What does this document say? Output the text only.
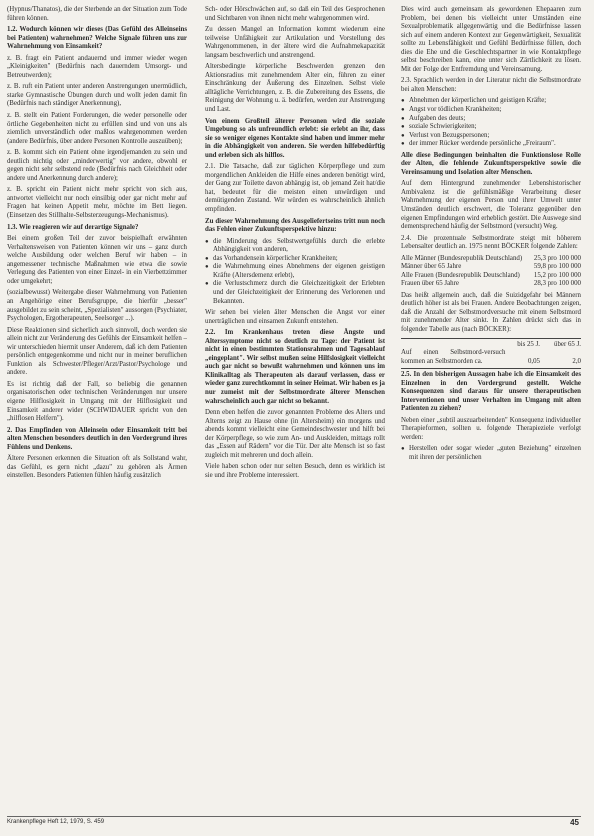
(Hypnus/Thanatos), die der Sterbende an der Situation zum Tode führen können.

1.2. Wodurch können wir dieses (Das Gefühl des Alleinseins bei Patienten) wahrnehmen? Welche Signale führen uns zur Wahrnehmung von Einsamkeit?

z. B. fragt ein Patient andauernd und immer wieder wegen „Kleinigkeiten" (Bedürfnis nach dauerndem Umsorgt- und Betreutwerden);

z. B. ruft ein Patient unter anderen Anstrengungen unermüdlich, starke Gymnastische Übungen durch und wollt jeden damit fin (Bedürfnis nach ständiger Anerkennung),

z. B. stellt ein Patient Forderungen, die weder personelle oder örtliche Gegebenheiten nicht zu erfüllen sind und von uns als ziemlich unverständlich oder maßlos wahrgenommen werden (andere Bedürfnis, über andere Personen Kontrolle auszuüben);

z. B. kommt sich ein Patient ohne irgendjemanden zu sein und deutlich nichtig oder „minderwertig" vor andere, obwohl er gegen nicht sehr selbstend rede (Bedürfnis nach Gleichheit oder andere und Anerkennung durch andere);

z. B. spricht ein Patient nicht mehr spricht von sich aus, antwortet vielleicht nur noch einsilbig oder gar nicht mehr auf Fragen hat keinen Appetit mehr, möchte im Bett liegen. (Einsetzen des Stillhalte-Selbsterzeugungs-Mechanismus).

1.3. Wie reagieren wir auf derartige Signale?

Bei einem großen Teil der zuvor beispielhaft erwähnten Verhaltensweisen von Patienten können wir uns – ganz durch welche Ausbildung oder welchen Beruf wir haben – in angemessener technische Maßnahmen wie etwa die sowie Verlegung des Patienten von einer Einzel- in ein Vierbettzimmer oder umgekehrt;

(sozialbewusst) Weitergabe dieser Wahrnehmung von Patienten an Angehörige einer Berufsgruppe, die hierfür „besser" ausgebildet zu sein scheint, „Spezialisten" aussorgen (Psychiater, Psychologen, Ergotherapeuten, Seelsorger ...).

Diese Reaktionen sind sicherlich auch sinnvoll, doch werden sie allein nicht zur Veränderung des Gefühls der Einsamkeit helfen – wir unterschieden hiermit unser Anderem, daß ich dem Patienten persönlich entgegenkomme und nicht nur in meiner beruflichen Funktion als Schwester/Pfleger/Arzt/Pastor/Psychologe und andere.

Es ist richtig daß der Fall, so beliebig die genannen organisatorischen oder technischen Veränderungen nur unsere eigene Hilflosigkeit in Umgang mit der Hilflosigkeit und Einsamkeit anderer wider (SCHWIDAUER spricht von den „hilflosen Helfern").

2. Das Empfinden von Alleinsein oder Einsamkeit tritt bei alten Menschen besonders deutlich in den Vordergrund ihres Fühlens und Denkens.

Ältere Personen erkennen die Situation oft als Sollstand wahr, das Gefühl, es gern nicht „dazu" zu gehören als Ärmen einstellen. Besonders Patienten fühlen häufig zusätzlich

Sch- oder Hörschwächen auf, so daß ein Teil des Gesprochenen und Sichtbaren von ihnen nicht mehr wahrgenommen wird.

Zu dessen Mangel an Information kommt wiederum eine teilweise Unfähigkeit zur Artikulation und Vorstellung des Wahrgenommenen, in der ältere wird die Aufnahmekapazität langsam beschwerlich und anstrengend.

Altersbedingte körperliche Beschwerden grenzen den Aktionsradius mit zunehmendem Alter ein, führen zu einer Einschränkung der Äußerung des Einzelnen. Selbst viele alltägliche Verrichtungen, z. B. die Zubereitung des Essens, die Reinigung der Wohnung u. ä. bedürfen, werden zur Anstrengung und Last.

Von einem Großteil älterer Personen wird die soziale Umgebung so als unfreundlich erlebt: sie erlebt an ihr, dass sie so weniger eigenes Kontakte sind haben und immer mehr in die Abhängigkeit von anderen. Sie werden hilfebedürftig und erleben sich als hilflos.

2.1. Die Tatsache, daß zur täglichen Körperpflege und zum morgendlichen Ankleiden die Hilfe eines anderen benötigt wird, der Gang zur Toilette davon abhängig ist, ob jemand Zeit hat/die hat, bedeutet für die meisten einen unwürdigen und demütigenden Zustand. Wir würden es wahrscheinlich ähnlich empfinden.

Zu dieser Wahrnehmung des Ausgeliefertseins tritt nun noch das Fehlen einer Zukunftsperspektive hinzu:

● die Minderung des Selbstwertgefühls durch die erlebte Abhängigkeit von anderen,
● das Vorhandensein körperlicher Krankheiten;
● die Wahrnehmung eines Abnehmens der eigenen geistigen Kräfte (Altersdemenz erlebt),
● die Verlustschmerz durch die Gleichzeitigkeit der Erlebten und der Gleichzeitigkeit der Erinnerung des Verlorenen und Bekannten.

Wir sehen bei vielen älter Menschen die Angst vor einer unerträglichen und einsamen Zukunft entstehen.

2.2. Im Krankenhaus treten diese Ängste und Alterssymptome nicht so deutlich zu Tage: der Patient ist nicht in einen bestimmten Stationsrahmen und Tagesablauf „eingeplant". Wir selbst mußen seine Hilfslosigkeit vielleicht auch gar nicht so bewußt wahrnehmen und können uns im Klinikalltag als Therapeuten als darauf verlassen, dass er wieder ganz zurechtkommt in seiner Heimat. Wir haben es ja nur zumeist mit der Selbstmordrate älterer Menschen wahrscheinlich auch gar nicht so bekannt.

Denn eben helfen die zuvor genannten Probleme des Alters und Alterns zeigt zu Hause ohne (in Altersheim) ein morgens und abends kommt vielleicht eine Gemeindeschwester und hilft bei der Körperpflege, so wie zum An- und Auskleiden, mittags rollt das „Essen auf Rädern" vor die Tür. Der alte Mensch ist so fast zugleich mit mehreren und doch allein.

Viele haben schon oder nur selten Besuch, denn es wirklich ist sie und ihre Probleme interessiert.

Dies wird auch gemeinsam als gewordenen Ehepaaren zum Problem, bei denen bis vielleicht unter Umständen eine Sexualproblematik allgegenwärtig und die Bedürfnisse lassen sich auf einem anderen Kontext zur Gegenwärtigkeit, Sexualität sollte zu Lebensfähigkeit und Gefühl Bedürfnisse füllen, doch dies die Ehe und die Geschlechtspartner in wie Kontaktpflege selbst beschreiben kann, eine unter sich Zärtlichkeit zu lösen. Mit der Folge der Entfremdung und Vereinsamung.

2.3. Sprachlich werden in der Literatur nicht die Selbstmordrate bei alten Menschen:

● Abnehmen der körperlichen und geistigen Kräfte;
● Angst vor tödlichen Krankheiten;
● Aufgaben des deuts;
● soziale Schwierigkeiten;
● Verlust von Bezugspersonen;
● der immer Rücker werdende persönliche „Freiraum".

Alle diese Bedingungen beinhalten die Funktionslose Rolle der Alten, die fehlende Zukunftsperspektive sowie die Vereinsamung und Isolation alter Menschen.

Auf dem Hintergrund zunehmender Lebenshistorischer Ambivalenz ist die gefühlsmäßige Verarbeitung dieser Wahrnehmung der eigenen Person und ihrer Umwelt unter Umständen deutlich erschwert, die Toleranz gegenüber den eigenen Empfindungen wird erheblich gestört. Die Auswege sind dementsprechend häufig der Selbstmord (versucht) Weg.

2.4. Die prozentuale Selbstmordrate steigt mit höherem Lebensalter deutlich an. 1975 nennt BÖCKER folgende Zahlen:

Alle Männer (Bundesrepublik Deutschland)	25,3 pro 100 000
Männer über 65 Jahre	59,8 pro 100 000
Alle Frauen (Bundesrepublik Deutschland)	15,2 pro 100 000
Frauen über 65 Jahre	28,3 pro 100 000

Das heißt allgemein auch, daß die Suizidgefahr bei Männern deutlich höher ist als bei Frauen. Andere Beobachtungen zeigen, daß die Anzahl der Selbstmordversuche mit einem Selbstmord mit zunehmender Alter sinkt. In Zahlen drückt sich das in folgender Tabelle aus (nach BÖCKER):

	bis 25 J.	über 65 J.
Auf einen Selbstmord-versuch kommen an Selbstmorden ca.	0,05	2,0

2.5. In den bisherigen Aussagen habe ich die Einsamkeit des Einzelnen in den Vordergrund gestellt. Welche Konsequenzen sind daraus für unsere therapeutischen Interventionen und unser Verhalten im Umgang mit alten Patienten zu ziehen?

Neben einer „subtil auszuarbeitenden" Konsequenz individueller Therapieformen, sollten u. folgende Therapieziele verfolgt werden:

● Herstellen oder sogar wieder „guten Beziehung" einzelnen mit ihren der persönlichen
Krankenpflege Heft 12, 1979, S. 459	45
